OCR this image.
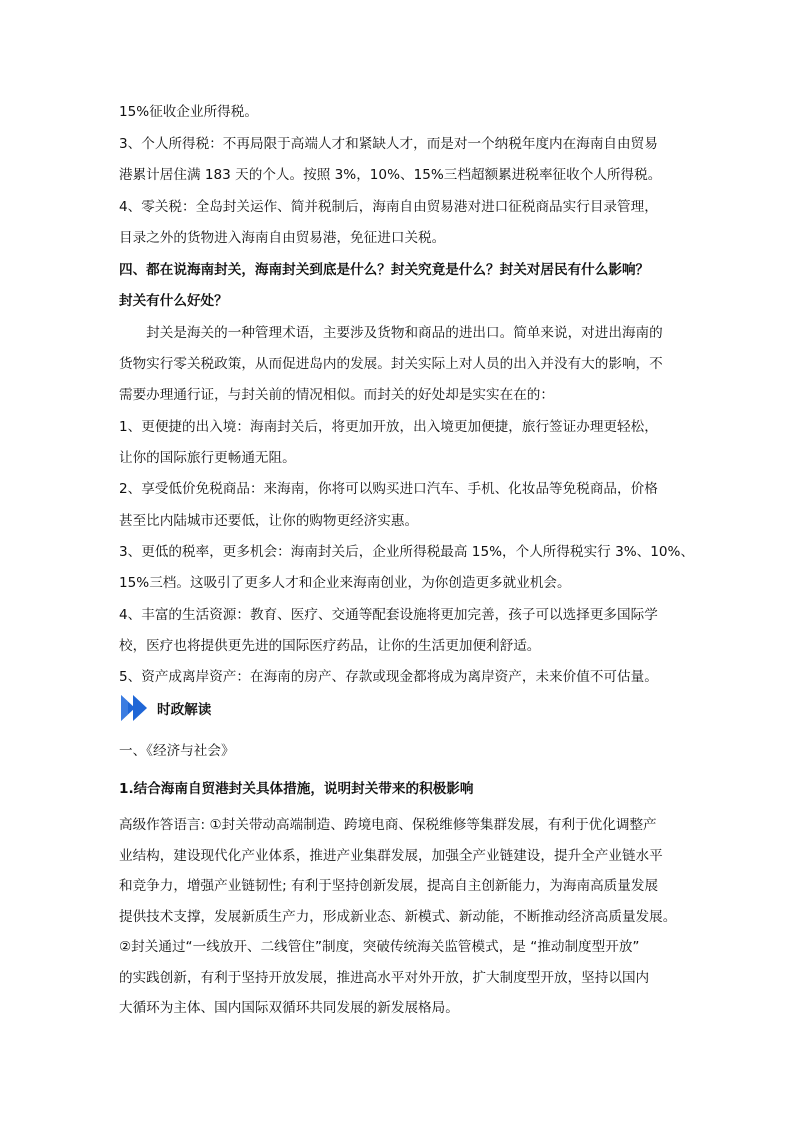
15%征收企业所得税。

3、个人所得税：不再局限于高端人才和紧缺人才，而是对一个纳税年度内在海南自由贸易

港累计居住满 183 天的个人。按照 3%，10%、15%三档超额累进税率征收个人所得税。

4、零关税：全岛封关运作、简并税制后，海南自由贸易港对进口征税商品实行目录管理，

目录之外的货物进入海南自由贸易港，免征进口关税。

四、都在说海南封关，海南封关到底是什么？封关究竟是什么？封关对居民有什么影响？

封关有什么好处？

　　封关是海关的一种管理术语，主要涉及货物和商品的进出口。简单来说，对进出海南的

货物实行零关税政策，从而促进岛内的发展。封关实际上对人员的出入并没有大的影响，不

需要办理通行证，与封关前的情况相似。而封关的好处却是实实在在的：

1、更便捷的出入境：海南封关后，将更加开放，出入境更加便捷，旅行签证办理更轻松，

让你的国际旅行更畅通无阻。

2、享受低价免税商品：来海南，你将可以购买进口汽车、手机、化妆品等免税商品，价格

甚至比内陆城市还要低，让你的购物更经济实惠。

3、更低的税率，更多机会：海南封关后，企业所得税最高 15%，个人所得税实行 3%、10%、

15%三档。这吸引了更多人才和企业来海南创业，为你创造更多就业机会。

4、丰富的生活资源：教育、医疗、交通等配套设施将更加完善，孩子可以选择更多国际学

校，医疗也将提供更先进的国际医疗药品，让你的生活更加便利舒适。

5、资产成离岸资产：在海南的房产、存款或现金都将成为离岸资产，未来价值不可估量。

时政解读

一、《经济与社会》

1.结合海南自贸港封关具体措施，说明封关带来的积极影响

高级作答语言: ①封关带动高端制造、跨境电商、保税维修等集群发展，有利于优化调整产

业结构，建设现代化产业体系，推进产业集群发展，加强全产业链建设，提升全产业链水平

和竞争力，增强产业链韧性; 有利于坚持创新发展，提高自主创新能力，为海南高质量发展

提供技术支撑，发展新质生产力，形成新业态、新模式、新动能，不断推动经济高质量发展。

②封关通过“一线放开、二线管住”制度，突破传统海关监管模式，是 “推动制度型开放”

的实践创新，有利于坚持开放发展，推进高水平对外开放，扩大制度型开放，坚持以国内

大循环为主体、国内国际双循环共同发展的新发展格局。
